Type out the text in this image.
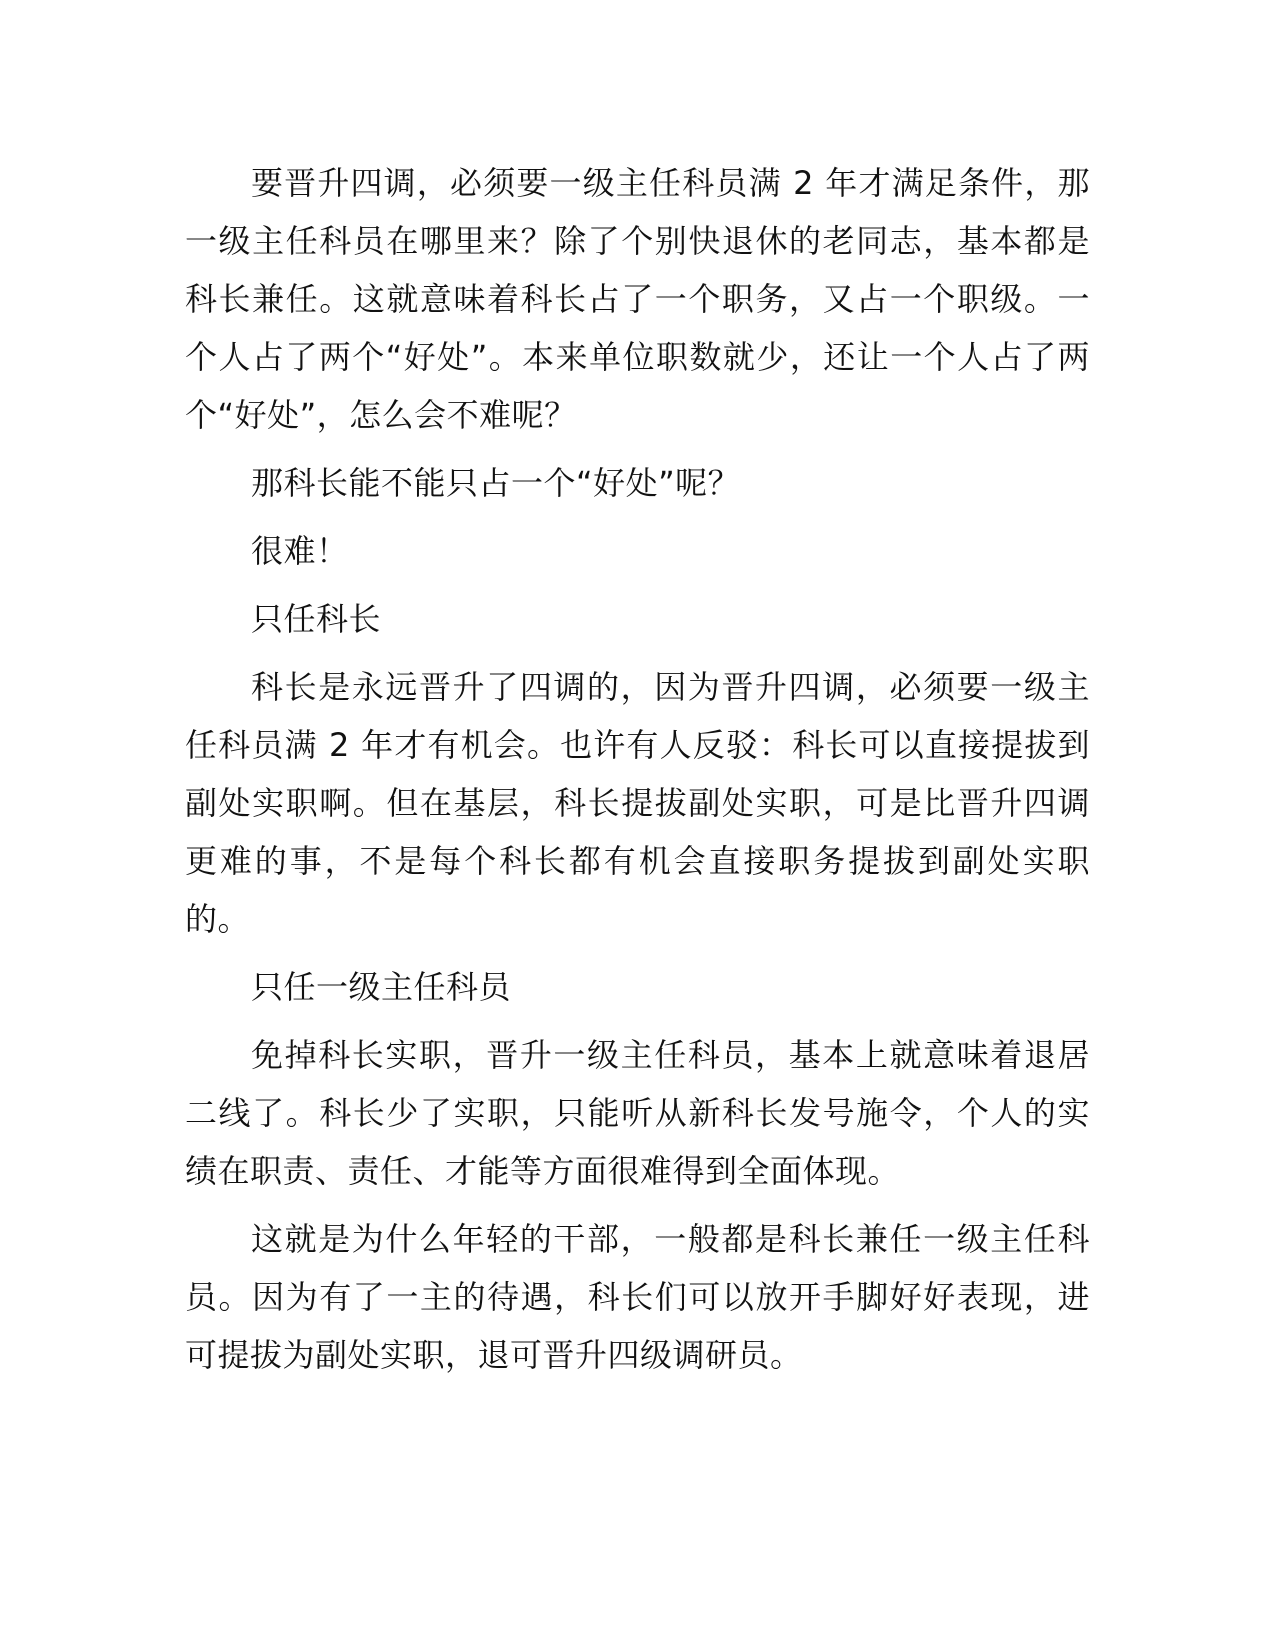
要晋升四调，必须要一级主任科员满 2 年才满足条件，那一级主任科员在哪里来？除了个别快退休的老同志，基本都是科长兼任。这就意味着科长占了一个职务，又占一个职级。一个人占了两个“好处”。本来单位职数就少，还让一个人占了两个“好处”，怎么会不难呢？

那科长能不能只占一个“好处”呢？

很难！

只任科长

科长是永远晋升了四调的，因为晋升四调，必须要一级主任科员满 2 年才有机会。也许有人反驳：科长可以直接提拔到副处实职啊。但在基层，科长提拔副处实职，可是比晋升四调更难的事，不是每个科长都有机会直接职务提拔到副处实职的。

只任一级主任科员

免掉科长实职，晋升一级主任科员，基本上就意味着退居二线了。科长少了实职，只能听从新科长发号施令，个人的实绩在职责、责任、才能等方面很难得到全面体现。

这就是为什么年轻的干部，一般都是科长兼任一级主任科员。因为有了一主的待遇，科长们可以放开手脚好好表现，进可提拔为副处实职，退可晋升四级调研员。
